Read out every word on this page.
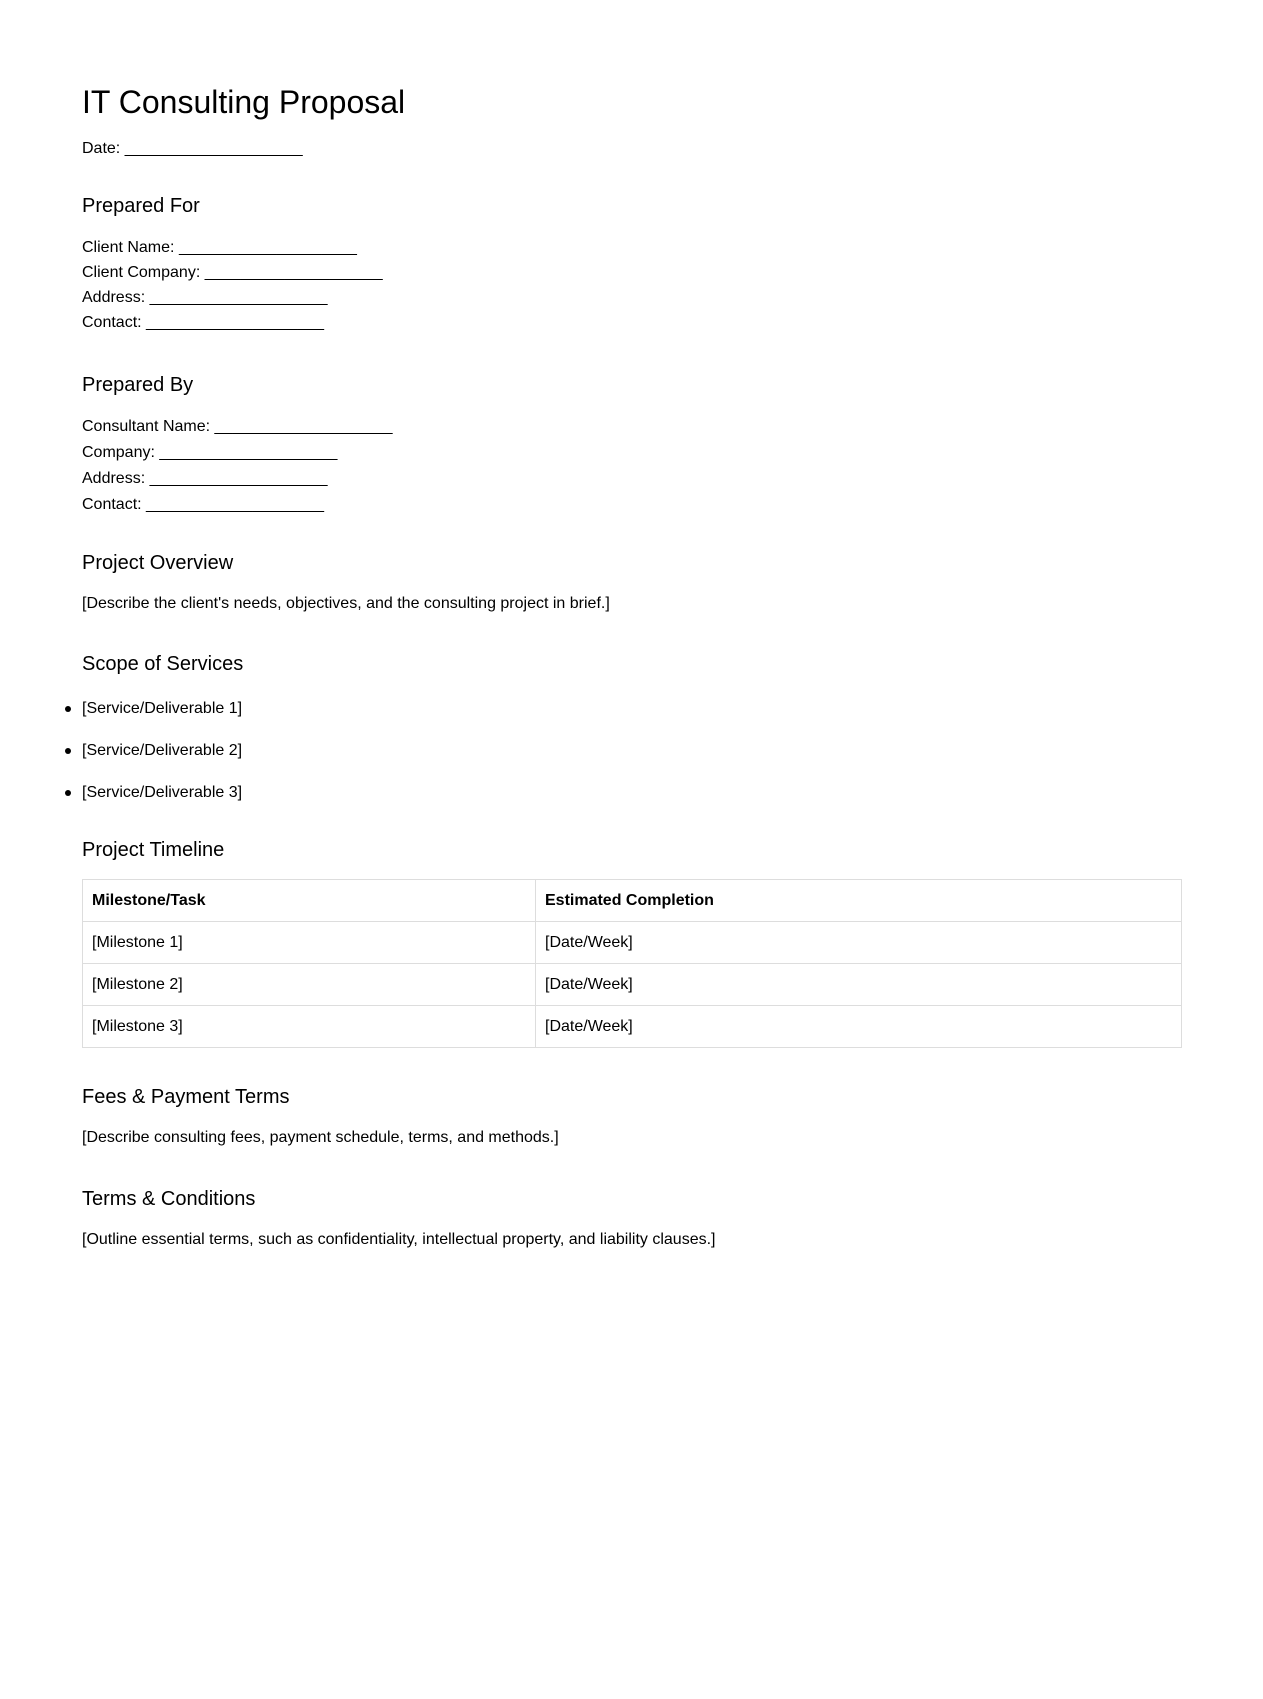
IT Consulting Proposal
Date: ____________________
Prepared For
Client Name: ____________________
Client Company: ____________________
Address: ____________________
Contact: ____________________
Prepared By
Consultant Name: ____________________
Company: ____________________
Address: ____________________
Contact: ____________________
Project Overview
[Describe the client's needs, objectives, and the consulting project in brief.]
Scope of Services
[Service/Deliverable 1]
[Service/Deliverable 2]
[Service/Deliverable 3]
Project Timeline
Milestone/Task	Estimated Completion
[Milestone 1]	[Date/Week]
[Milestone 2]	[Date/Week]
[Milestone 3]	[Date/Week]
Fees & Payment Terms
[Describe consulting fees, payment schedule, terms, and methods.]
Terms & Conditions
[Outline essential terms, such as confidentiality, intellectual property, and liability clauses.]
